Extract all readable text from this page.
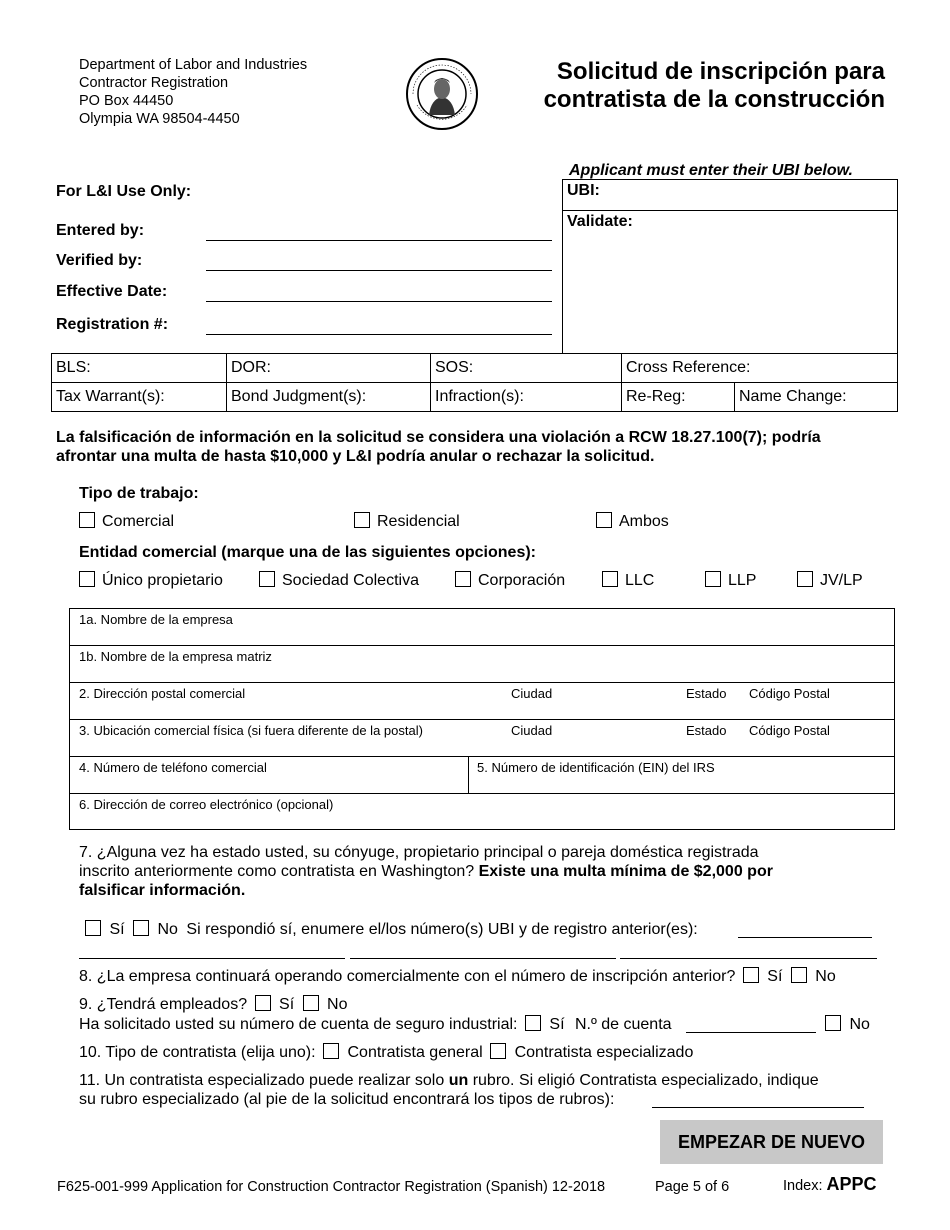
Department of Labor and Industries
Contractor Registration
PO Box 44450
Olympia WA 98504-4450
Solicitud de inscripción para
contratista de la construcción
For L&I Use Only:
Entered by:
Verified by:
Effective Date:
Registration #:
Applicant must enter their UBI below.
UBI:
Validate:
BLS:	DOR:	SOS:	Cross Reference:	
Tax Warrant(s):	Bond Judgment(s):	Infraction(s):	Re-Reg:	Name Change:
La falsificación de información en la solicitud se considera una violación a RCW 18.27.100(7); podría
afrontar una multa de hasta $10,000 y L&I podría anular o rechazar la solicitud.
Tipo de trabajo:
Comercial	Residencial	Ambos
Entidad comercial (marque una de las siguientes opciones):
Único propietario	Sociedad Colectiva	Corporación	LLC	LLP	JV/LP
1a. Nombre de la empresa
1b. Nombre de la empresa matriz
2. Dirección postal comercial	Ciudad	Estado Código Postal
3. Ubicación comercial física (si fuera diferente de la postal)	Ciudad	Estado Código Postal
4. Número de teléfono comercial	5. Número de identificación (EIN) del IRS
6. Dirección de correo electrónico (opcional)
7. ¿Alguna vez ha estado usted, su cónyuge, propietario principal o pareja doméstica registrada
inscrito anteriormente como contratista en Washington? Existe una multa mínima de $2,000 por
falsificar información.
Sí No Si respondió sí, enumere el/los número(s) UBI y de registro anterior(es):
8. ¿La empresa continuará operando comercialmente con el número de inscripción anterior? Sí No
9. ¿Tendrá empleados? Sí No
Ha solicitado usted su número de cuenta de seguro industrial: Sí N.º de cuenta	No
10. Tipo de contratista (elija uno): Contratista general Contratista especializado
11. Un contratista especializado puede realizar solo un rubro. Si eligió Contratista especializado, indique
su rubro especializado (al pie de la solicitud encontrará los tipos de rubros):
EMPEZAR DE NUEVO
F625-001-999 Application for Construction Contractor Registration (Spanish) 12-2018	Page 5 of 6	Index: APPC
